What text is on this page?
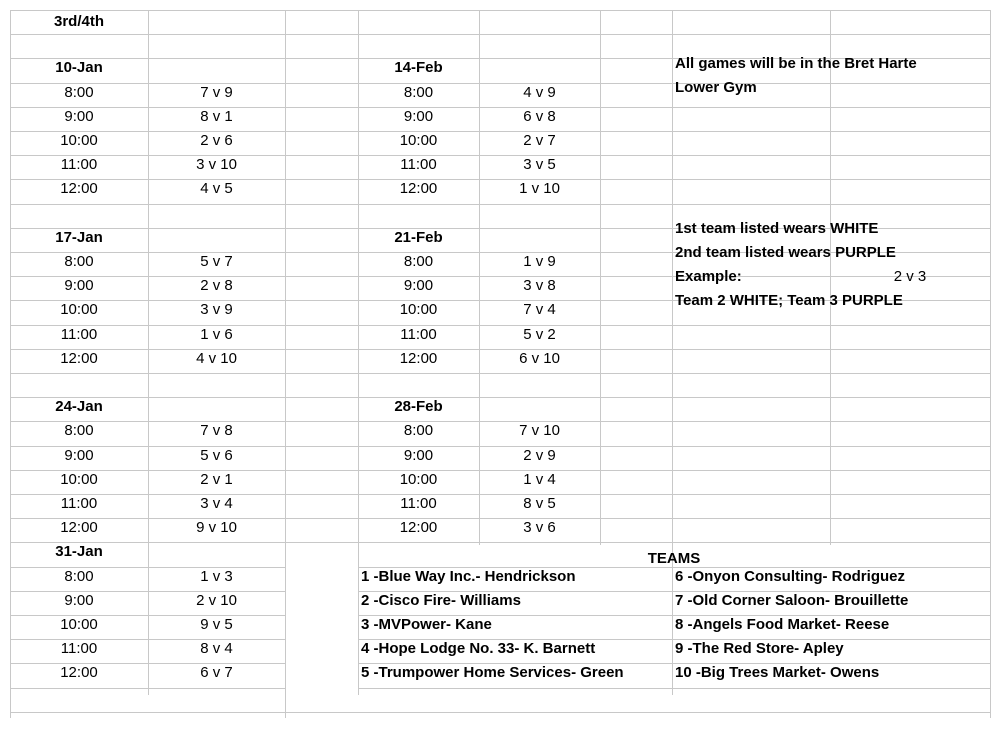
3rd/4th
All games will be in the Bret Harte
Lower Gym
1st team listed wears WHITE
2nd team listed wears PURPLE
Example:	2 v 3
Team 2 WHITE; Team 3 PURPLE
TEAMS
10-Jan
8:00	7 v 9
9:00	8 v 1
10:00	2 v 6
11:00	3 v 10
12:00	4 v 5
14-Feb
8:00	4 v 9
9:00	6 v 8
10:00	2 v 7
11:00	3 v 5
12:00	1 v 10
17-Jan
8:00	5 v 7
9:00	2 v 8
10:00	3 v 9
11:00	1 v 6
12:00	4 v 10
21-Feb
8:00	1 v 9
9:00	3 v 8
10:00	7 v 4
11:00	5 v 2
12:00	6 v 10
24-Jan
8:00	7 v 8
9:00	5 v 6
10:00	2 v 1
11:00	3 v 4
12:00	9 v 10
28-Feb
8:00	7 v 10
9:00	2 v 9
10:00	1 v 4
11:00	8 v 5
12:00	3 v 6
31-Jan
8:00	1 v 3
9:00	2 v 10
10:00	9 v 5
11:00	8 v 4
12:00	6 v 7
1 -Blue Way Inc.- Hendrickson
2 -Cisco Fire- Williams
3 -MVPower- Kane
4 -Hope Lodge No. 33- K. Barnett
5 -Trumpower Home Services- Green
6 -Onyon Consulting- Rodriguez
7 -Old Corner Saloon- Brouillette
8 -Angels Food Market- Reese
9 -The Red Store- Apley
10 -Big Trees Market- Owens
